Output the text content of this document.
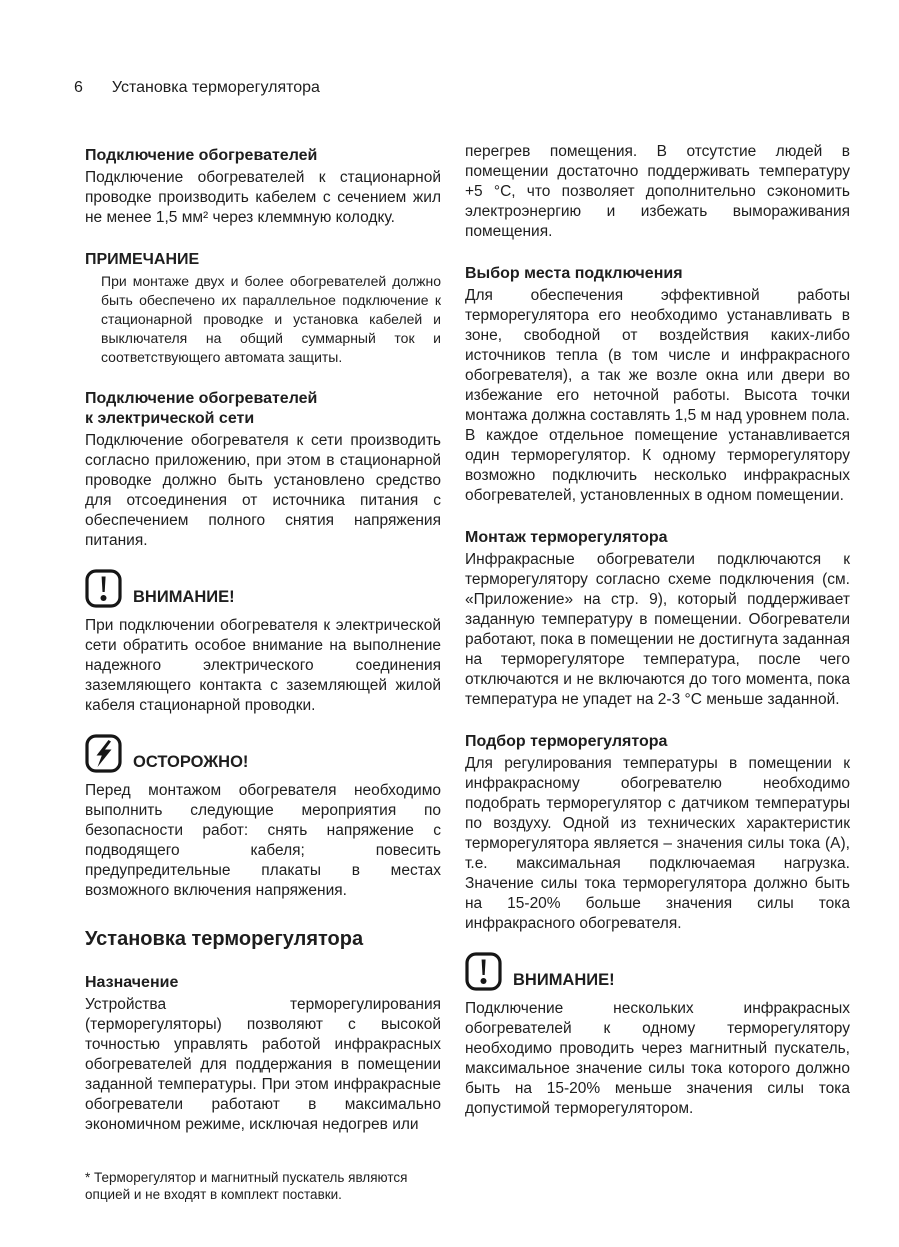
6 Установка терморегулятора
Подключение обогревателей

Подключение обогревателей к стационарной проводке производить кабелем с сечением жил не менее 1,5 мм² через клеммную колодку.

ПРИМЕЧАНИЕ

При монтаже двух и более обогревателей должно быть обеспечено их параллельное подключение к стационарной проводке и установка кабелей и выключателя на общий суммарный ток и соответствующего автомата защиты.

Подключение обогревателей
к электрической сети

Подключение обогревателя к сети производить согласно приложению, при этом в стационарной проводке должно быть установлено средство для отсоединения от источника питания с обеспечением полного снятия напряжения питания.

ВНИМАНИЕ!

При подключении обогревателя к электрической сети обратить особое внимание на выполнение надежного электрического соединения заземляющего контакта с заземляющей жилой кабеля стационарной проводки.

ОСТОРОЖНО!

Перед монтажом обогревателя необходимо выполнить следующие мероприятия по безопасности работ: снять напряжение с подводящего кабеля; повесить предупредительные плакаты в местах возможного включения напряжения.

Установка терморегулятора
Назначение

Устройства терморегулирования (терморегуляторы) позволяют с высокой точностью управлять работой инфракрасных обогревателей для поддержания в помещении заданной температуры. При этом инфракрасные обогреватели работают в максимально экономичном режиме, исключая недогрев или

* Терморегулятор и магнитный пускатель являются опцией и не входят в комплект поставки.

перегрев помещения. В отсутстие людей в помещении достаточно поддерживать температуру +5 °С, что позволяет дополнительно сэкономить электроэнергию и избежать вымораживания помещения.

Выбор места подключения

Для обеспечения эффективной работы терморегулятора его необходимо устанавливать в зоне, свободной от воздействия каких-либо источников тепла (в том числе и инфракрасного обогревателя), а так же возле окна или двери во избежание его неточной работы. Высота точки монтажа должна составлять 1,5 м над уровнем пола. В каждое отдельное помещение устанавливается один терморегулятор. К одному терморегулятору возможно подключить несколько инфракрасных обогревателей, установленных в одном помещении.

Монтаж терморегулятора

Инфракрасные обогреватели подключаются к терморегулятору согласно схеме подключения (см. «Приложение» на стр. 9), который поддерживает заданную температуру в помещении. Обогреватели работают, пока в помещении не достигнута заданная на терморегуляторе температура, после чего отключаются и не включаются до того момента, пока температура не упадет на 2-3 °С меньше заданной.

Подбор терморегулятора

Для регулирования температуры в помещении к инфракрасному обогревателю необходимо подобрать терморегулятор с датчиком температуры по воздуху. Одной из технических характеристик терморегулятора является – значения силы тока (А), т.е. максимальная подключаемая нагрузка. Значение силы тока терморегулятора должно быть на 15-20% больше значения силы тока инфракрасного обогревателя.

ВНИМАНИЕ!

Подключение нескольких инфракрасных обогревателей к одному терморегулятору необходимо проводить через магнитный пускатель, максимальное значение силы тока которого должно быть на 15-20% меньше значения силы тока допустимой терморегулятором.
